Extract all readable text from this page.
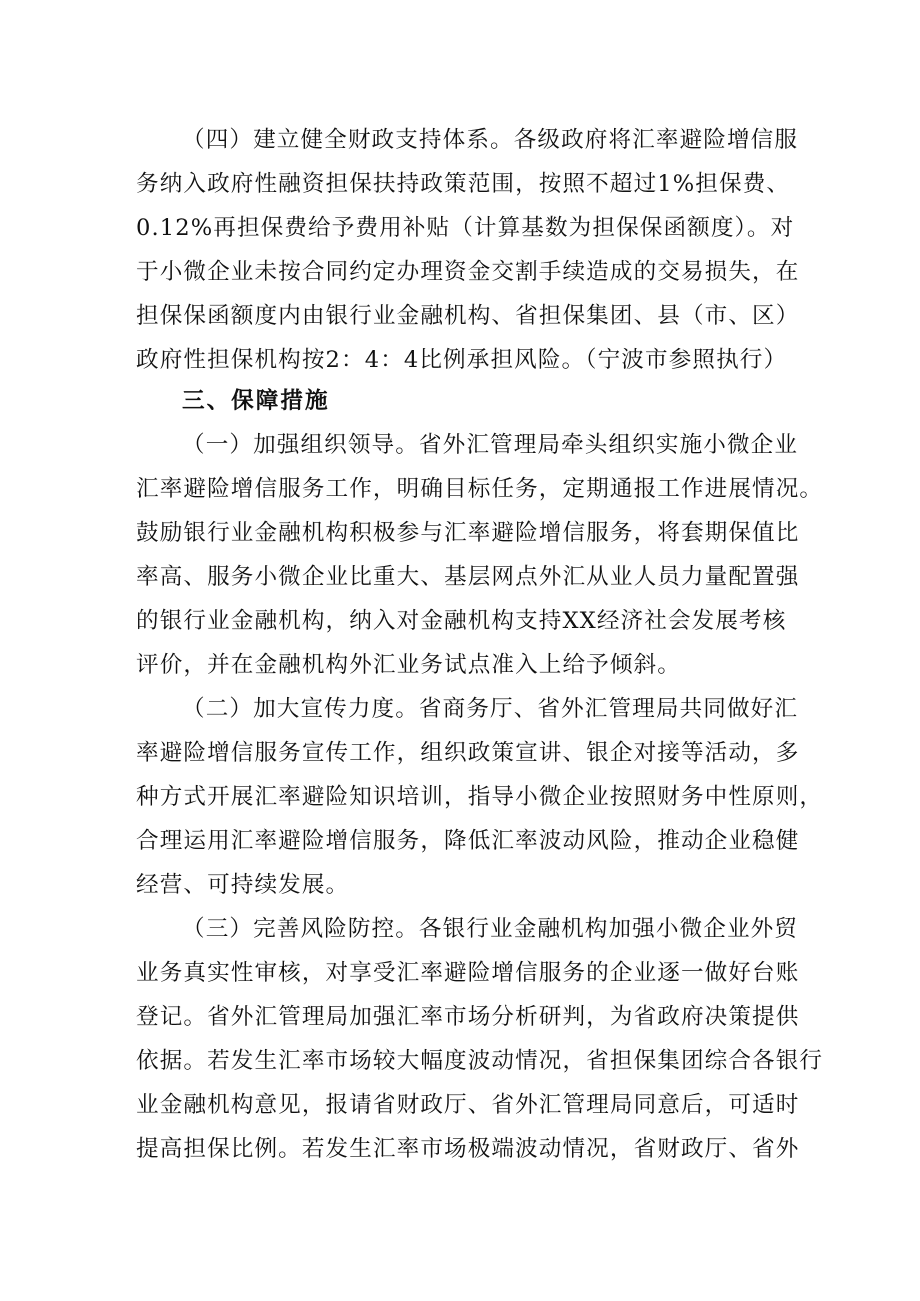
（四）建立健全财政支持体系。各级政府将汇率避险增信服
务纳入政府性融资担保扶持政策范围，按照不超过1%担保费、
0.12%再担保费给予费用补贴（计算基数为担保保函额度）。对
于小微企业未按合同约定办理资金交割手续造成的交易损失，在
担保保函额度内由银行业金融机构、省担保集团、县（市、区）
政府性担保机构按2：4：4比例承担风险。（宁波市参照执行）
三、保障措施
（一）加强组织领导。省外汇管理局牵头组织实施小微企业
汇率避险增信服务工作，明确目标任务，定期通报工作进展情况。
鼓励银行业金融机构积极参与汇率避险增信服务，将套期保值比
率高、服务小微企业比重大、基层网点外汇从业人员力量配置强
的银行业金融机构，纳入对金融机构支持XX经济社会发展考核
评价，并在金融机构外汇业务试点准入上给予倾斜。
（二）加大宣传力度。省商务厅、省外汇管理局共同做好汇
率避险增信服务宣传工作，组织政策宣讲、银企对接等活动，多
种方式开展汇率避险知识培训，指导小微企业按照财务中性原则，
合理运用汇率避险增信服务，降低汇率波动风险，推动企业稳健
经营、可持续发展。
（三）完善风险防控。各银行业金融机构加强小微企业外贸
业务真实性审核，对享受汇率避险增信服务的企业逐一做好台账
登记。省外汇管理局加强汇率市场分析研判，为省政府决策提供
依据。若发生汇率市场较大幅度波动情况，省担保集团综合各银行
业金融机构意见，报请省财政厅、省外汇管理局同意后，可适时
提高担保比例。若发生汇率市场极端波动情况，省财政厅、省外
